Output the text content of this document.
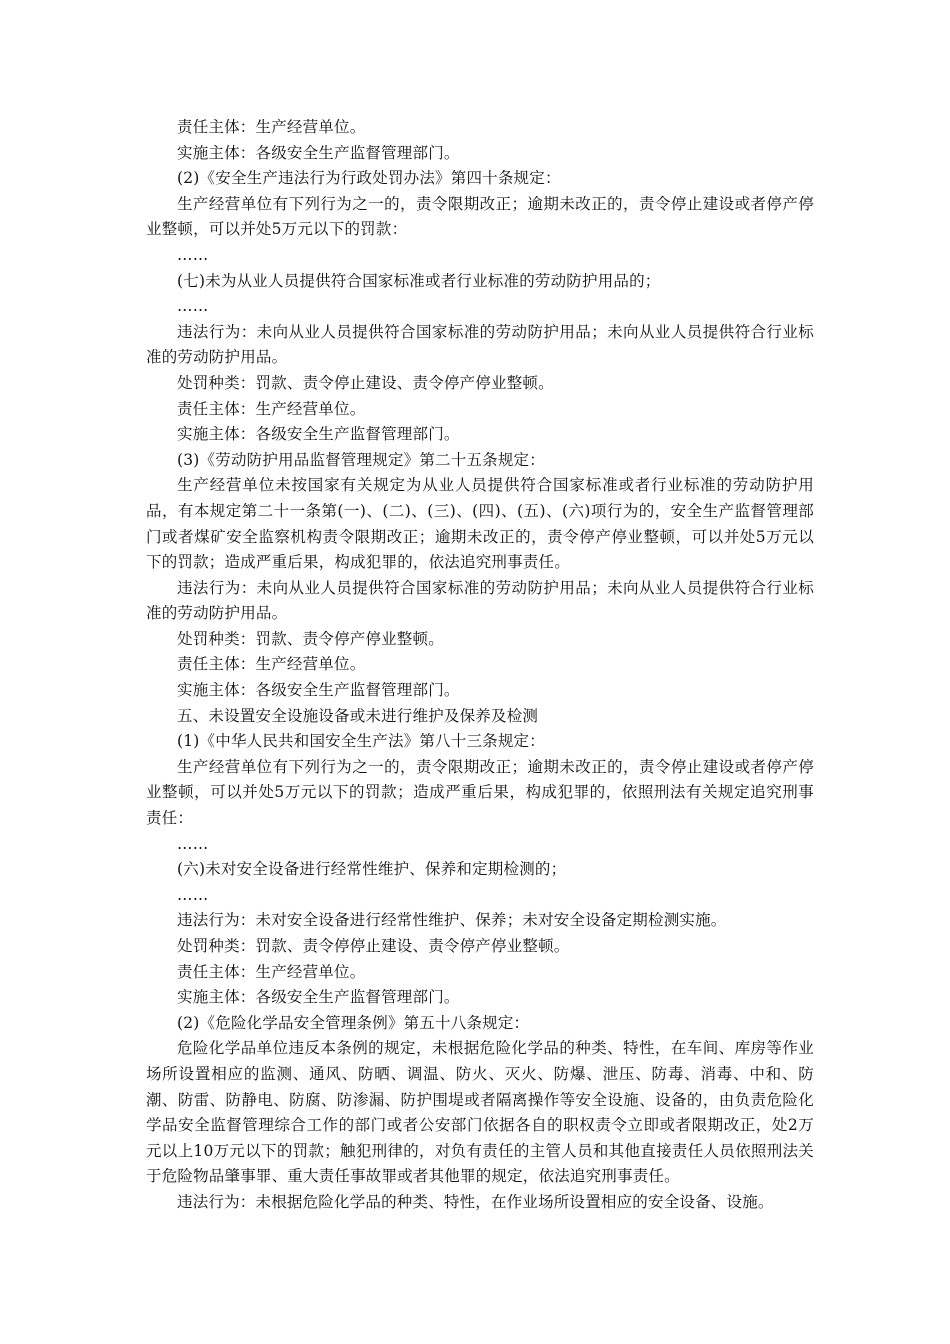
责任主体：生产经营单位。

实施主体：各级安全生产监督管理部门。

(2)《安全生产违法行为行政处罚办法》第四十条规定：

生产经营单位有下列行为之一的，责令限期改正；逾期未改正的，责令停止建设或者停产停业整顿，可以并处5万元以下的罚款：

……

(七)未为从业人员提供符合国家标准或者行业标准的劳动防护用品的；

……

违法行为：未向从业人员提供符合国家标准的劳动防护用品；未向从业人员提供符合行业标准的劳动防护用品。

处罚种类：罚款、责令停止建设、责令停产停业整顿。

责任主体：生产经营单位。

实施主体：各级安全生产监督管理部门。

(3)《劳动防护用品监督管理规定》第二十五条规定：

生产经营单位未按国家有关规定为从业人员提供符合国家标准或者行业标准的劳动防护用品，有本规定第二十一条第(一)、(二)、(三)、(四)、(五)、(六)项行为的，安全生产监督管理部门或者煤矿安全监察机构责令限期改正；逾期未改正的，责令停产停业整顿，可以并处5万元以下的罚款；造成严重后果，构成犯罪的，依法追究刑事责任。

违法行为：未向从业人员提供符合国家标准的劳动防护用品；未向从业人员提供符合行业标准的劳动防护用品。

处罚种类：罚款、责令停产停业整顿。

责任主体：生产经营单位。

实施主体：各级安全生产监督管理部门。

五、未设置安全设施设备或未进行维护及保养及检测

(1)《中华人民共和国安全生产法》第八十三条规定：

生产经营单位有下列行为之一的，责令限期改正；逾期未改正的，责令停止建设或者停产停业整顿，可以并处5万元以下的罚款；造成严重后果，构成犯罪的，依照刑法有关规定追究刑事责任：

……

(六)未对安全设备进行经常性维护、保养和定期检测的；

……

违法行为：未对安全设备进行经常性维护、保养；未对安全设备定期检测实施。

处罚种类：罚款、责令停停止建设、责令停产停业整顿。

责任主体：生产经营单位。

实施主体：各级安全生产监督管理部门。

(2)《危险化学品安全管理条例》第五十八条规定：

危险化学品单位违反本条例的规定，未根据危险化学品的种类、特性，在车间、库房等作业场所设置相应的监测、通风、防晒、调温、防火、灭火、防爆、泄压、防毒、消毒、中和、防潮、防雷、防静电、防腐、防渗漏、防护围堤或者隔离操作等安全设施、设备的，由负责危险化学品安全监督管理综合工作的部门或者公安部门依据各自的职权责令立即或者限期改正，处2万元以上10万元以下的罚款；触犯刑律的，对负有责任的主管人员和其他直接责任人员依照刑法关于危险物品肇事罪、重大责任事故罪或者其他罪的规定，依法追究刑事责任。

违法行为：未根据危险化学品的种类、特性，在作业场所设置相应的安全设备、设施。
